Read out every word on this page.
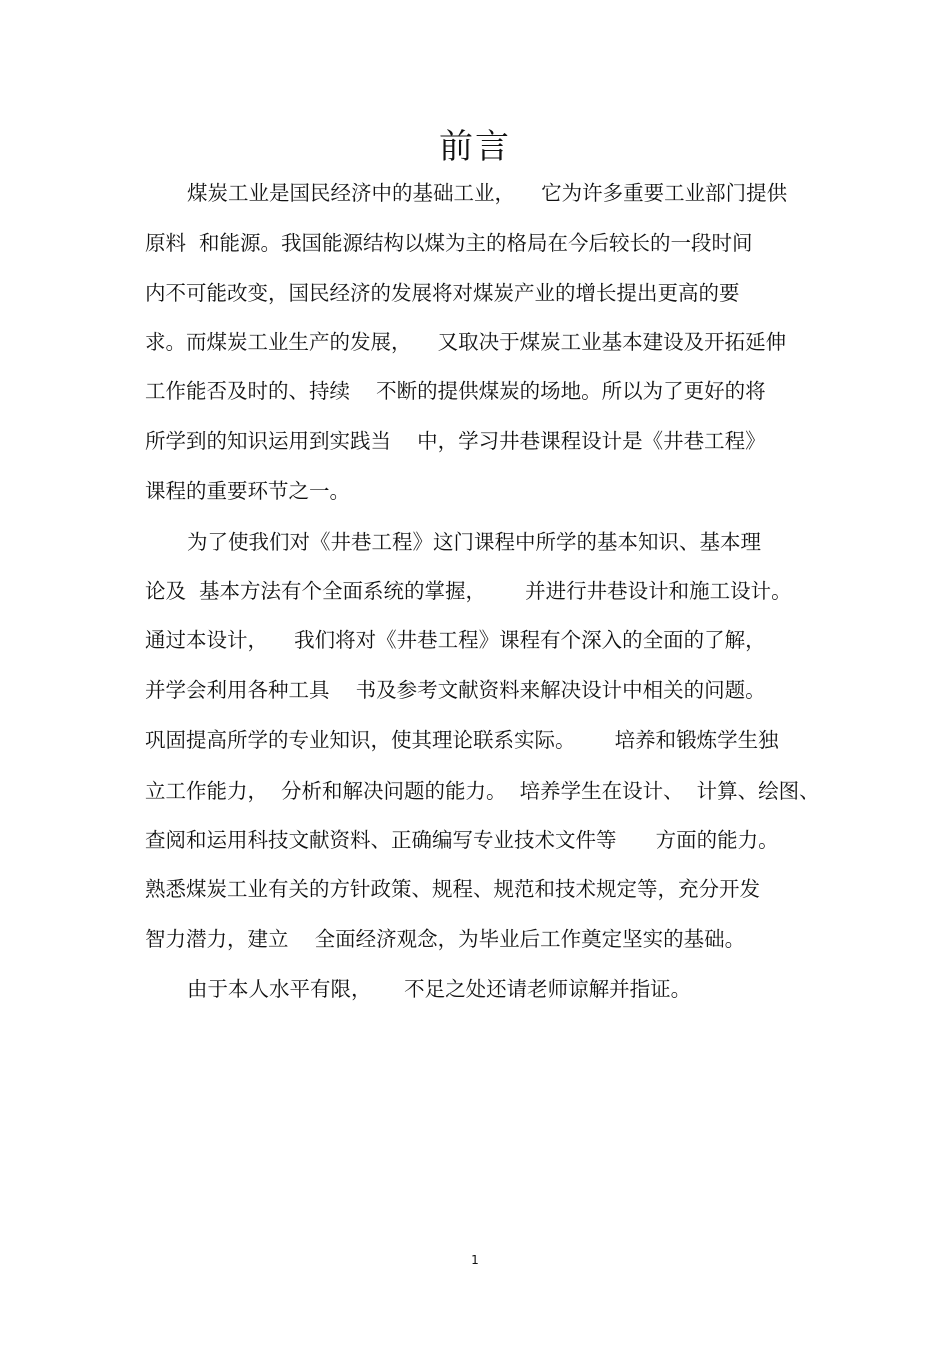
前言
煤炭工业是国民经济中的基础工业，    它为许多重要工业部门提供
原料  和能源。我国能源结构以煤为主的格局在今后较长的一段时间
内不可能改变，国民经济的发展将对煤炭产业的增长提出更高的要
求。而煤炭工业生产的发展，    又取决于煤炭工业基本建设及开拓延伸
工作能否及时的、持续    不断的提供煤炭的场地。所以为了更好的将
所学到的知识运用到实践当    中，学习井巷课程设计是《井巷工程》
课程的重要环节之一。
为了使我们对《井巷工程》这门课程中所学的基本知识、基本理
论及  基本方法有个全面系统的掌握，      并进行井巷设计和施工设计。
通过本设计，    我们将对《井巷工程》课程有个深入的全面的了解，
并学会利用各种工具    书及参考文献资料来解决设计中相关的问题。
巩固提高所学的专业知识，使其理论联系实际。      培养和锻炼学生独
立工作能力，  分析和解决问题的能力。  培养学生在设计、  计算、绘图、
查阅和运用科技文献资料、正确编写专业技术文件等      方面的能力。
熟悉煤炭工业有关的方针政策、规程、规范和技术规定等，充分开发
智力潜力，建立    全面经济观念，为毕业后工作奠定坚实的基础。
由于本人水平有限，     不足之处还请老师谅解并指证。
1
